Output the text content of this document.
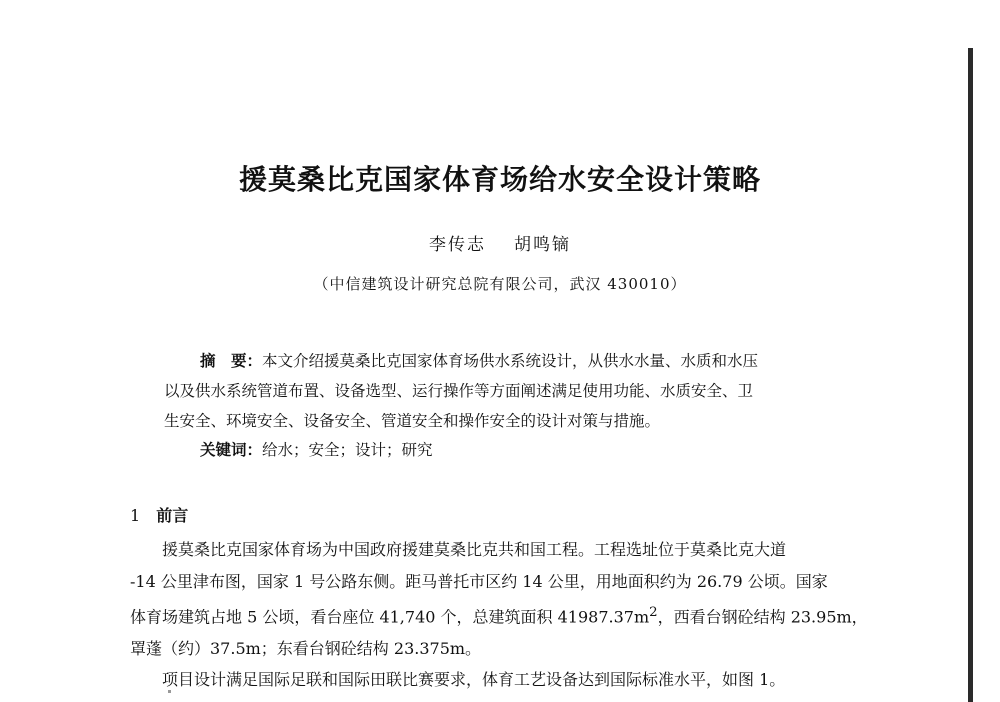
援莫桑比克国家体育场给水安全设计策略
李传志 胡鸣镝
（中信建筑设计研究总院有限公司，武汉 430010）
摘　要：本文介绍援莫桑比克国家体育场供水系统设计，从供水水量、水质和水压
以及供水系统管道布置、设备选型、运行操作等方面阐述满足使用功能、水质安全、卫
生安全、环境安全、设备安全、管道安全和操作安全的设计对策与措施。
关键词：给水；安全；设计；研究
1 前言
援莫桑比克国家体育场为中国政府援建莫桑比克共和国工程。工程选址位于莫桑比克大道
-14 公里津布图，国家 1 号公路东侧。距马普托市区约 14 公里，用地面积约为 26.79 公顷。国家
体育场建筑占地 5 公顷，看台座位 41,740 个，总建筑面积 $41987.37m^2$，西看台钢砼结构 23.95m，
罩蓬（约）37.5m；东看台钢砼结构 23.375m。
项目设计满足国际足联和国际田联比赛要求，体育工艺设备达到国际标准水平，如图 1。
